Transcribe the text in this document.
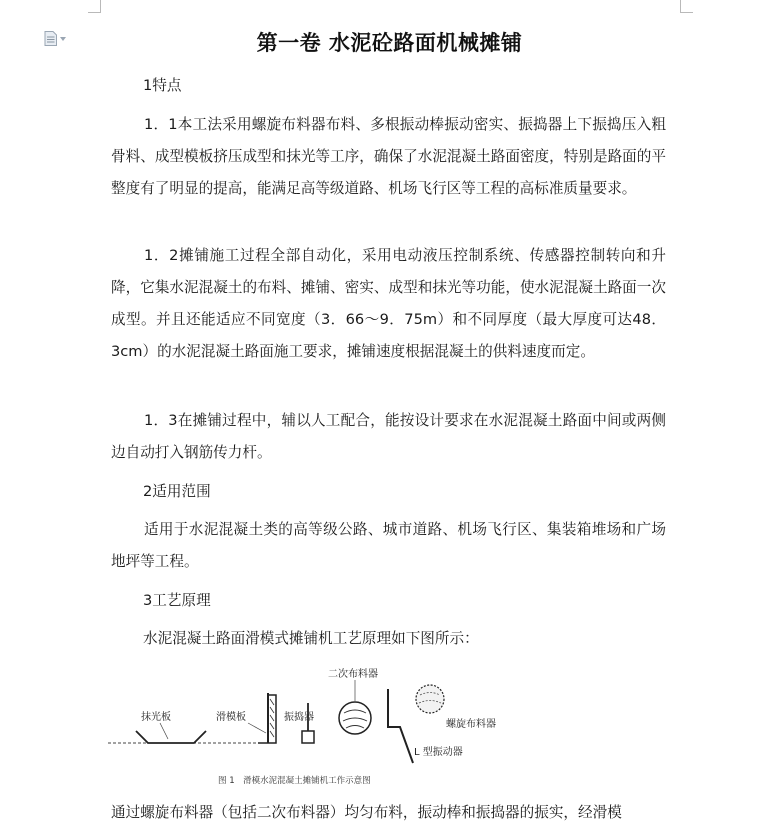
第一卷 水泥砼路面机械摊铺

1特点

1．1本工法采用螺旋布料器布料、多根振动棒振动密实、振捣器上下振捣压入粗骨料、成型模板挤压成型和抹光等工序，确保了水泥混凝土路面密度，特别是路面的平整度有了明显的提高，能满足高等级道路、机场飞行区等工程的高标准质量要求。

1．2摊铺施工过程全部自动化，采用电动液压控制系统、传感器控制转向和升降，它集水泥混凝土的布料、摊铺、密实、成型和抹光等功能，使水泥混凝土路面一次成型。并且还能适应不同宽度（3．66～9．75m）和不同厚度（最大厚度可达48．3cm）的水泥混凝土路面施工要求，摊铺速度根据混凝土的供料速度而定。

1．3在摊铺过程中，辅以人工配合，能按设计要求在水泥混凝土路面中间或两侧边自动打入钢筋传力杆。

2适用范围

适用于水泥混凝土类的高等级公路、城市道路、机场飞行区、集装箱堆场和广场地坪等工程。

3工艺原理

水泥混凝土路面滑模式摊铺机工艺原理如下图所示：

抹光板	滑模板	振捣器
二次布料器
L 型振动器
螺旋布料器
图 1　滑模水泥混凝土摊铺机工作示意图

通过螺旋布料器（包括二次布料器）均匀布料，振动棒和振捣器的振实，经滑模
